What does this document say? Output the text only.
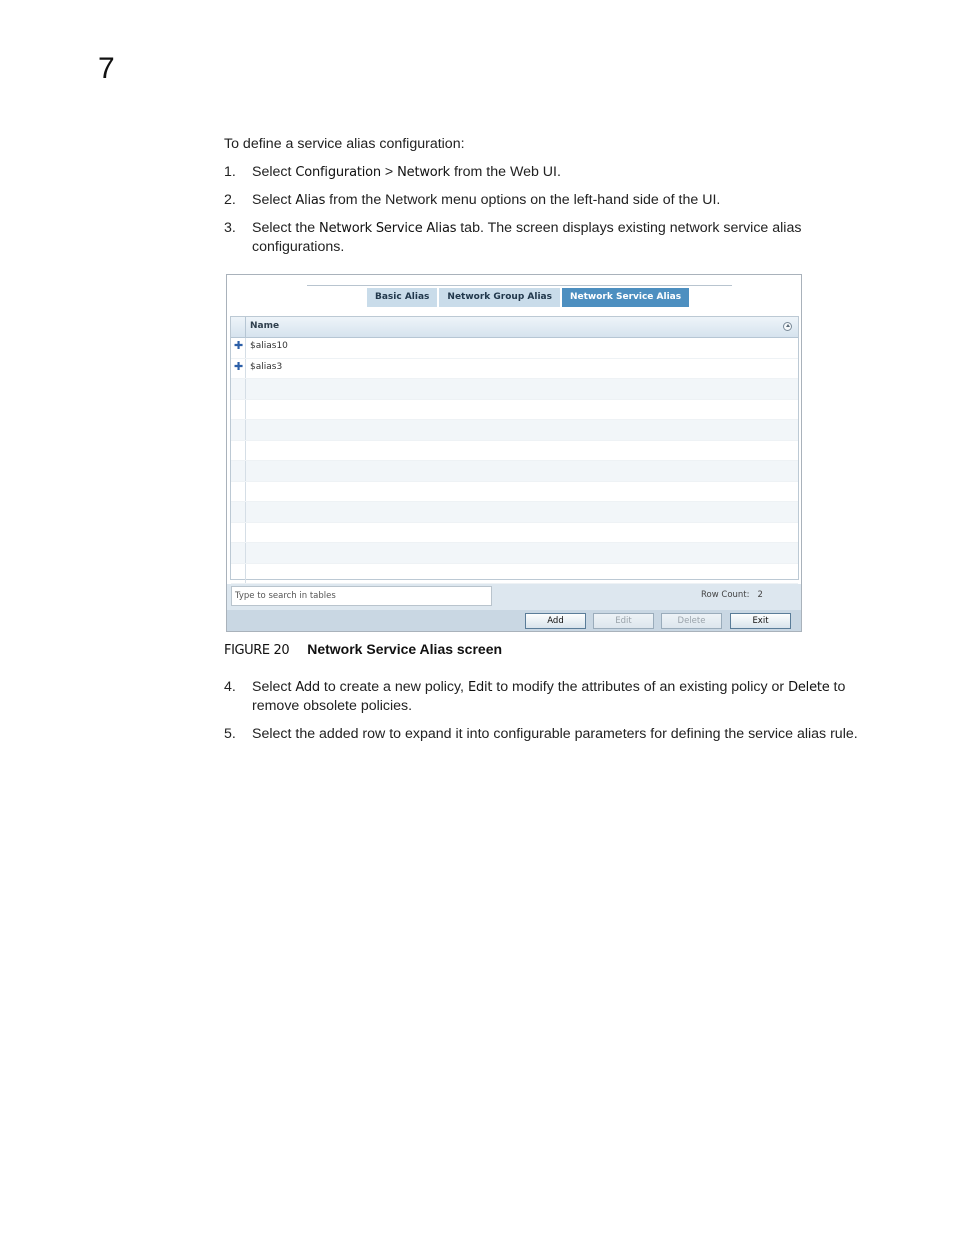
7
To define a service alias configuration:
1.	Select Configuration > Network from the Web UI.
2.	Select Alias from the Network menu options on the left-hand side of the UI.
3.	Select the Network Service Alias tab. The screen displays existing network service alias configurations.
Basic Alias	Network Group Alias	Network Service Alias
Name
✚ $alias10
✚ $alias3
Type to search in tables	Row Count: 2
Add	Edit	Delete	Exit
FIGURE 20 Network Service Alias screen
4.	Select Add to create a new policy, Edit to modify the attributes of an existing policy or Delete to remove obsolete policies.
5.	Select the added row to expand it into configurable parameters for defining the service alias rule.
